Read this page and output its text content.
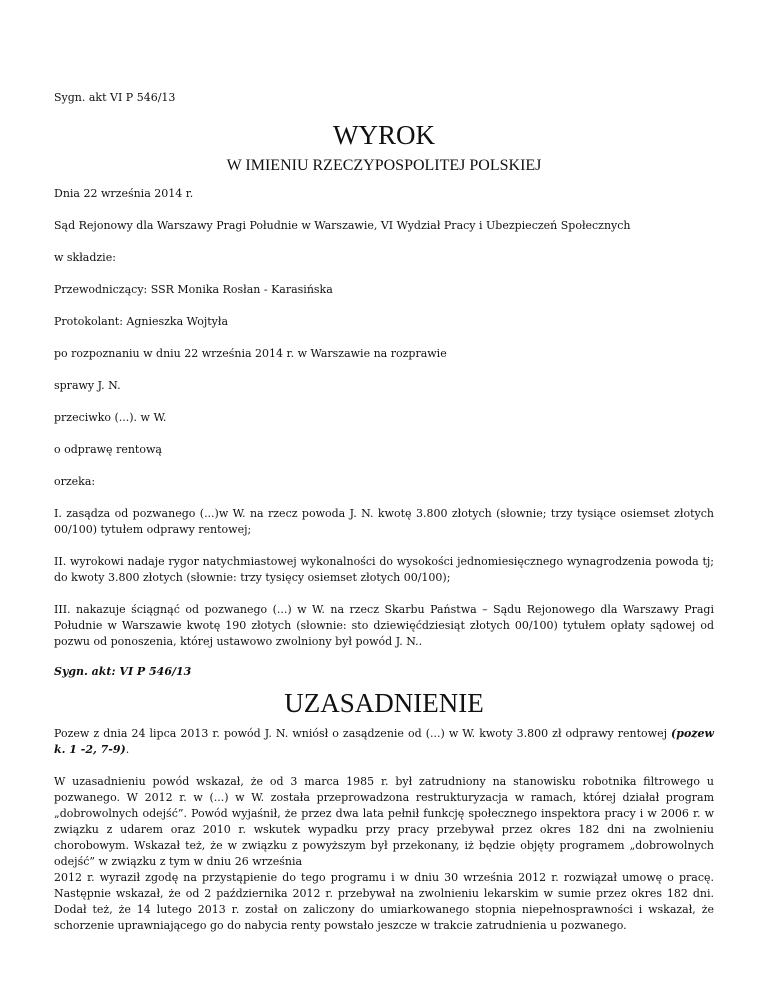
Sygn. akt VI P 546/13

WYROK

W IMIENIU RZECZYPOSPOLITEJ POLSKIEJ

Dnia 22 września 2014 r.

Sąd Rejonowy dla Warszawy Pragi Południe w Warszawie, VI Wydział Pracy i Ubezpieczeń Społecznych

w składzie:

Przewodniczący: SSR Monika Rosłan - Karasińska

Protokolant: Agnieszka Wojtyła

po rozpoznaniu w dniu 22 września 2014 r. w Warszawie na rozprawie

sprawy J. N.

przeciwko (...). w W.

o odprawę rentową

orzeka:

I. zasądza od pozwanego (...)w W. na rzecz powoda J. N. kwotę 3.800 złotych (słownie; trzy tysiące osiemset złotych 00/100) tytułem odprawy rentowej;

II. wyrokowi nadaje rygor natychmiastowej wykonalności do wysokości jednomiesięcznego wynagrodzenia powoda tj; do kwoty 3.800 złotych (słownie: trzy tysięcy osiemset złotych 00/100);

III. nakazuje ściągnąć od pozwanego (...) w W. na rzecz Skarbu Państwa – Sądu Rejonowego dla Warszawy Pragi Południe w Warszawie kwotę 190 złotych (słownie: sto dziewięćdziesiąt złotych 00/100) tytułem opłaty sądowej od pozwu od ponoszenia, której ustawowo zwolniony był powód J. N..

Sygn. akt: VI P 546/13

UZASADNIENIE

Pozew z dnia 24 lipca 2013 r. powód J. N. wniósł o zasądzenie od (...) w W. kwoty 3.800 zł odprawy rentowej (pozew k. 1 -2, 7-9).

W uzasadnieniu powód wskazał, że od 3 marca 1985 r. był zatrudniony na stanowisku robotnika filtrowego u pozwanego. W 2012 r. w (...) w W. została przeprowadzona restrukturyzacja w ramach, której działał program „dobrowolnych odejść”. Powód wyjaśnił, że przez dwa lata pełnił funkcję społecznego inspektora pracy i w 2006 r. w związku z udarem oraz 2010 r. wskutek wypadku przy pracy przebywał przez okres 182 dni na zwolnieniu chorobowym. Wskazał też, że w związku z powyższym był przekonany, iż będzie objęty programem „dobrowolnych odejść” w związku z tym w dniu 26 września

2012 r. wyraził zgodę na przystąpienie do tego programu i w dniu 30 września 2012 r. rozwiązał umowę o pracę. Następnie wskazał, że od 2 października 2012 r. przebywał na zwolnieniu lekarskim w sumie przez okres 182 dni. Dodał też, że 14 lutego 2013 r. został on zaliczony do umiarkowanego stopnia niepełnosprawności i wskazał, że schorzenie uprawniającego go do nabycia renty powstało jeszcze w trakcie zatrudnienia u pozwanego.
